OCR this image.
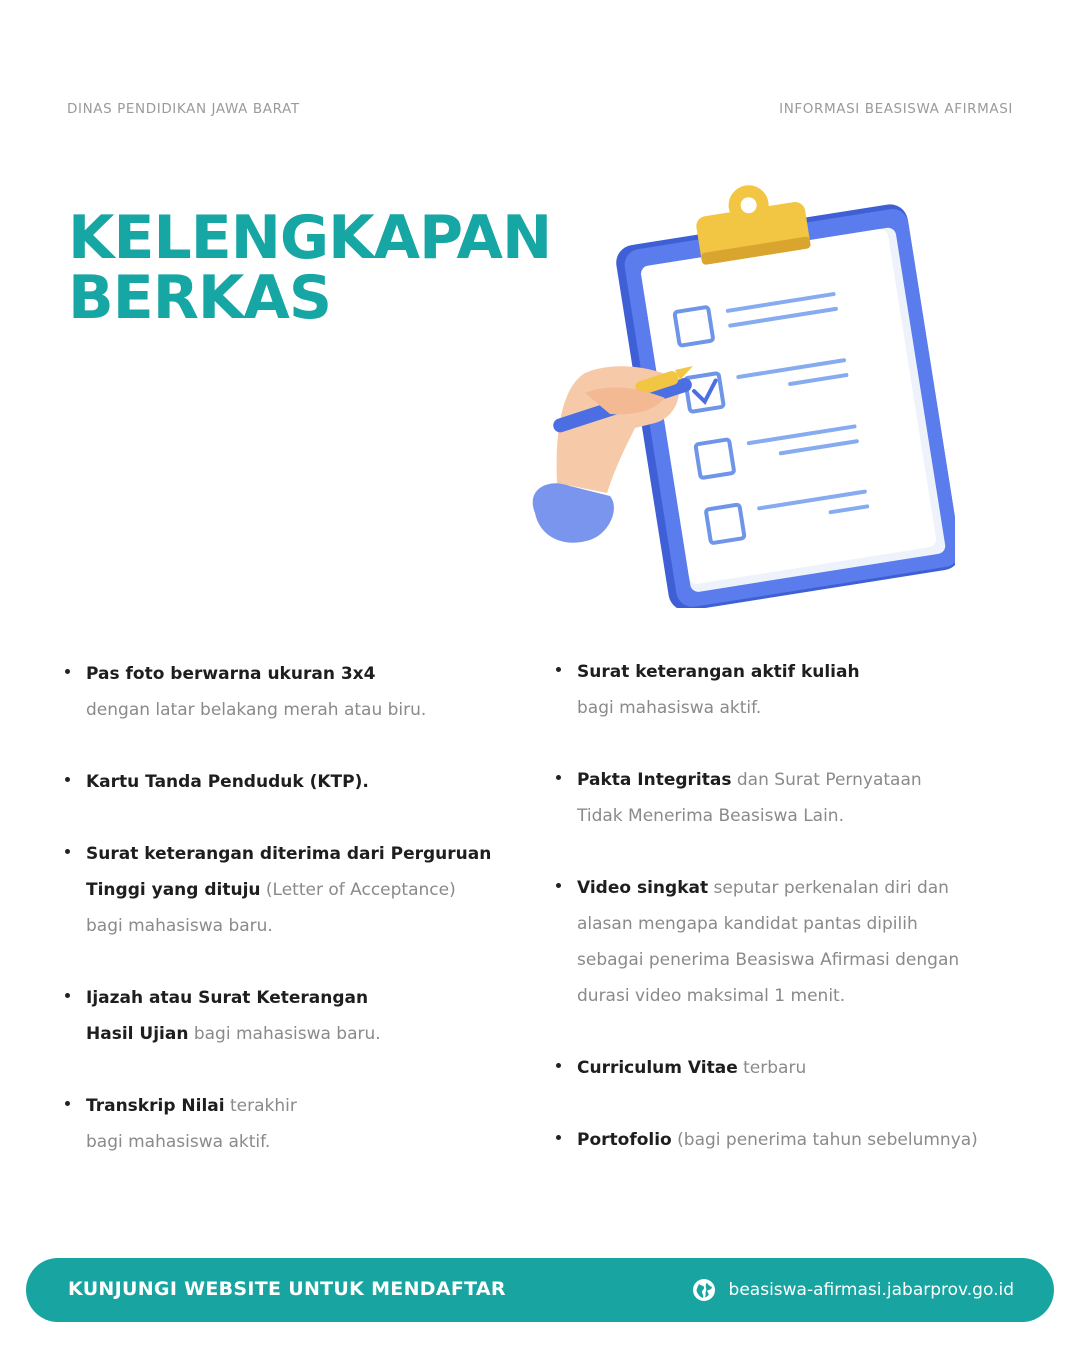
DINAS PENDIDIKAN JAWA BARAT	INFORMASI BEASISWA AFIRMASI
KELENGKAPAN
BERKAS
Pas foto berwarna ukuran 3x4
dengan latar belakang merah atau biru.
Kartu Tanda Penduduk (KTP).
Surat keterangan diterima dari Perguruan
Tinggi yang dituju (Letter of Acceptance)
bagi mahasiswa baru.
Ijazah atau Surat Keterangan
Hasil Ujian bagi mahasiswa baru.
Transkrip Nilai terakhir
bagi mahasiswa aktif.
Surat keterangan aktif kuliah
bagi mahasiswa aktif.
Pakta Integritas dan Surat Pernyataan
Tidak Menerima Beasiswa Lain.
Video singkat seputar perkenalan diri dan
alasan mengapa kandidat pantas dipilih
sebagai penerima Beasiswa Afirmasi dengan
durasi video maksimal 1 menit.
Curriculum Vitae terbaru
Portofolio (bagi penerima tahun sebelumnya)
KUNJUNGI WEBSITE UNTUK MENDAFTAR	beasiswa-afirmasi.jabarprov.go.id
